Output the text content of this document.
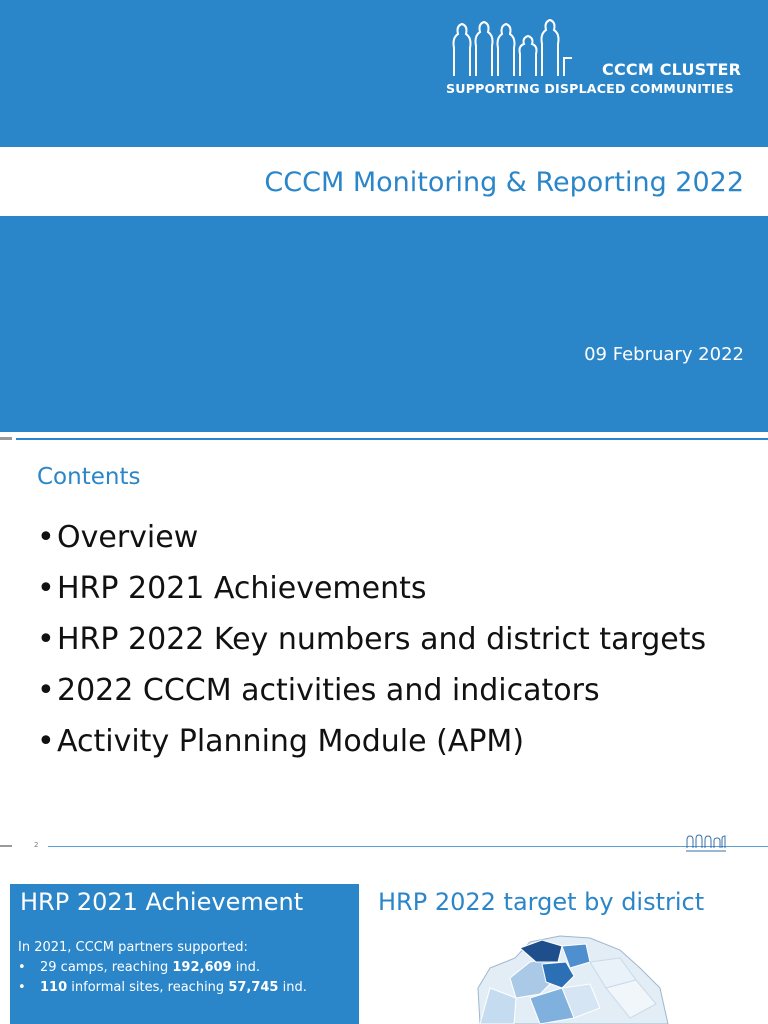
CCCM CLUSTER
SUPPORTING DISPLACED COMMUNITIES
CCCM Monitoring & Reporting 2022
09 February 2022
Contents
•Overview
•HRP 2021 Achievements
•HRP 2022 Key numbers and district targets
•2022 CCCM activities and indicators
•Activity Planning Module (APM)
2
HRP 2021 Achievement
In 2021, CCCM partners supported:
• 29 camps, reaching 192,609 ind.
• 110 informal sites, reaching 57,745 ind.
HRP 2022 target by district
